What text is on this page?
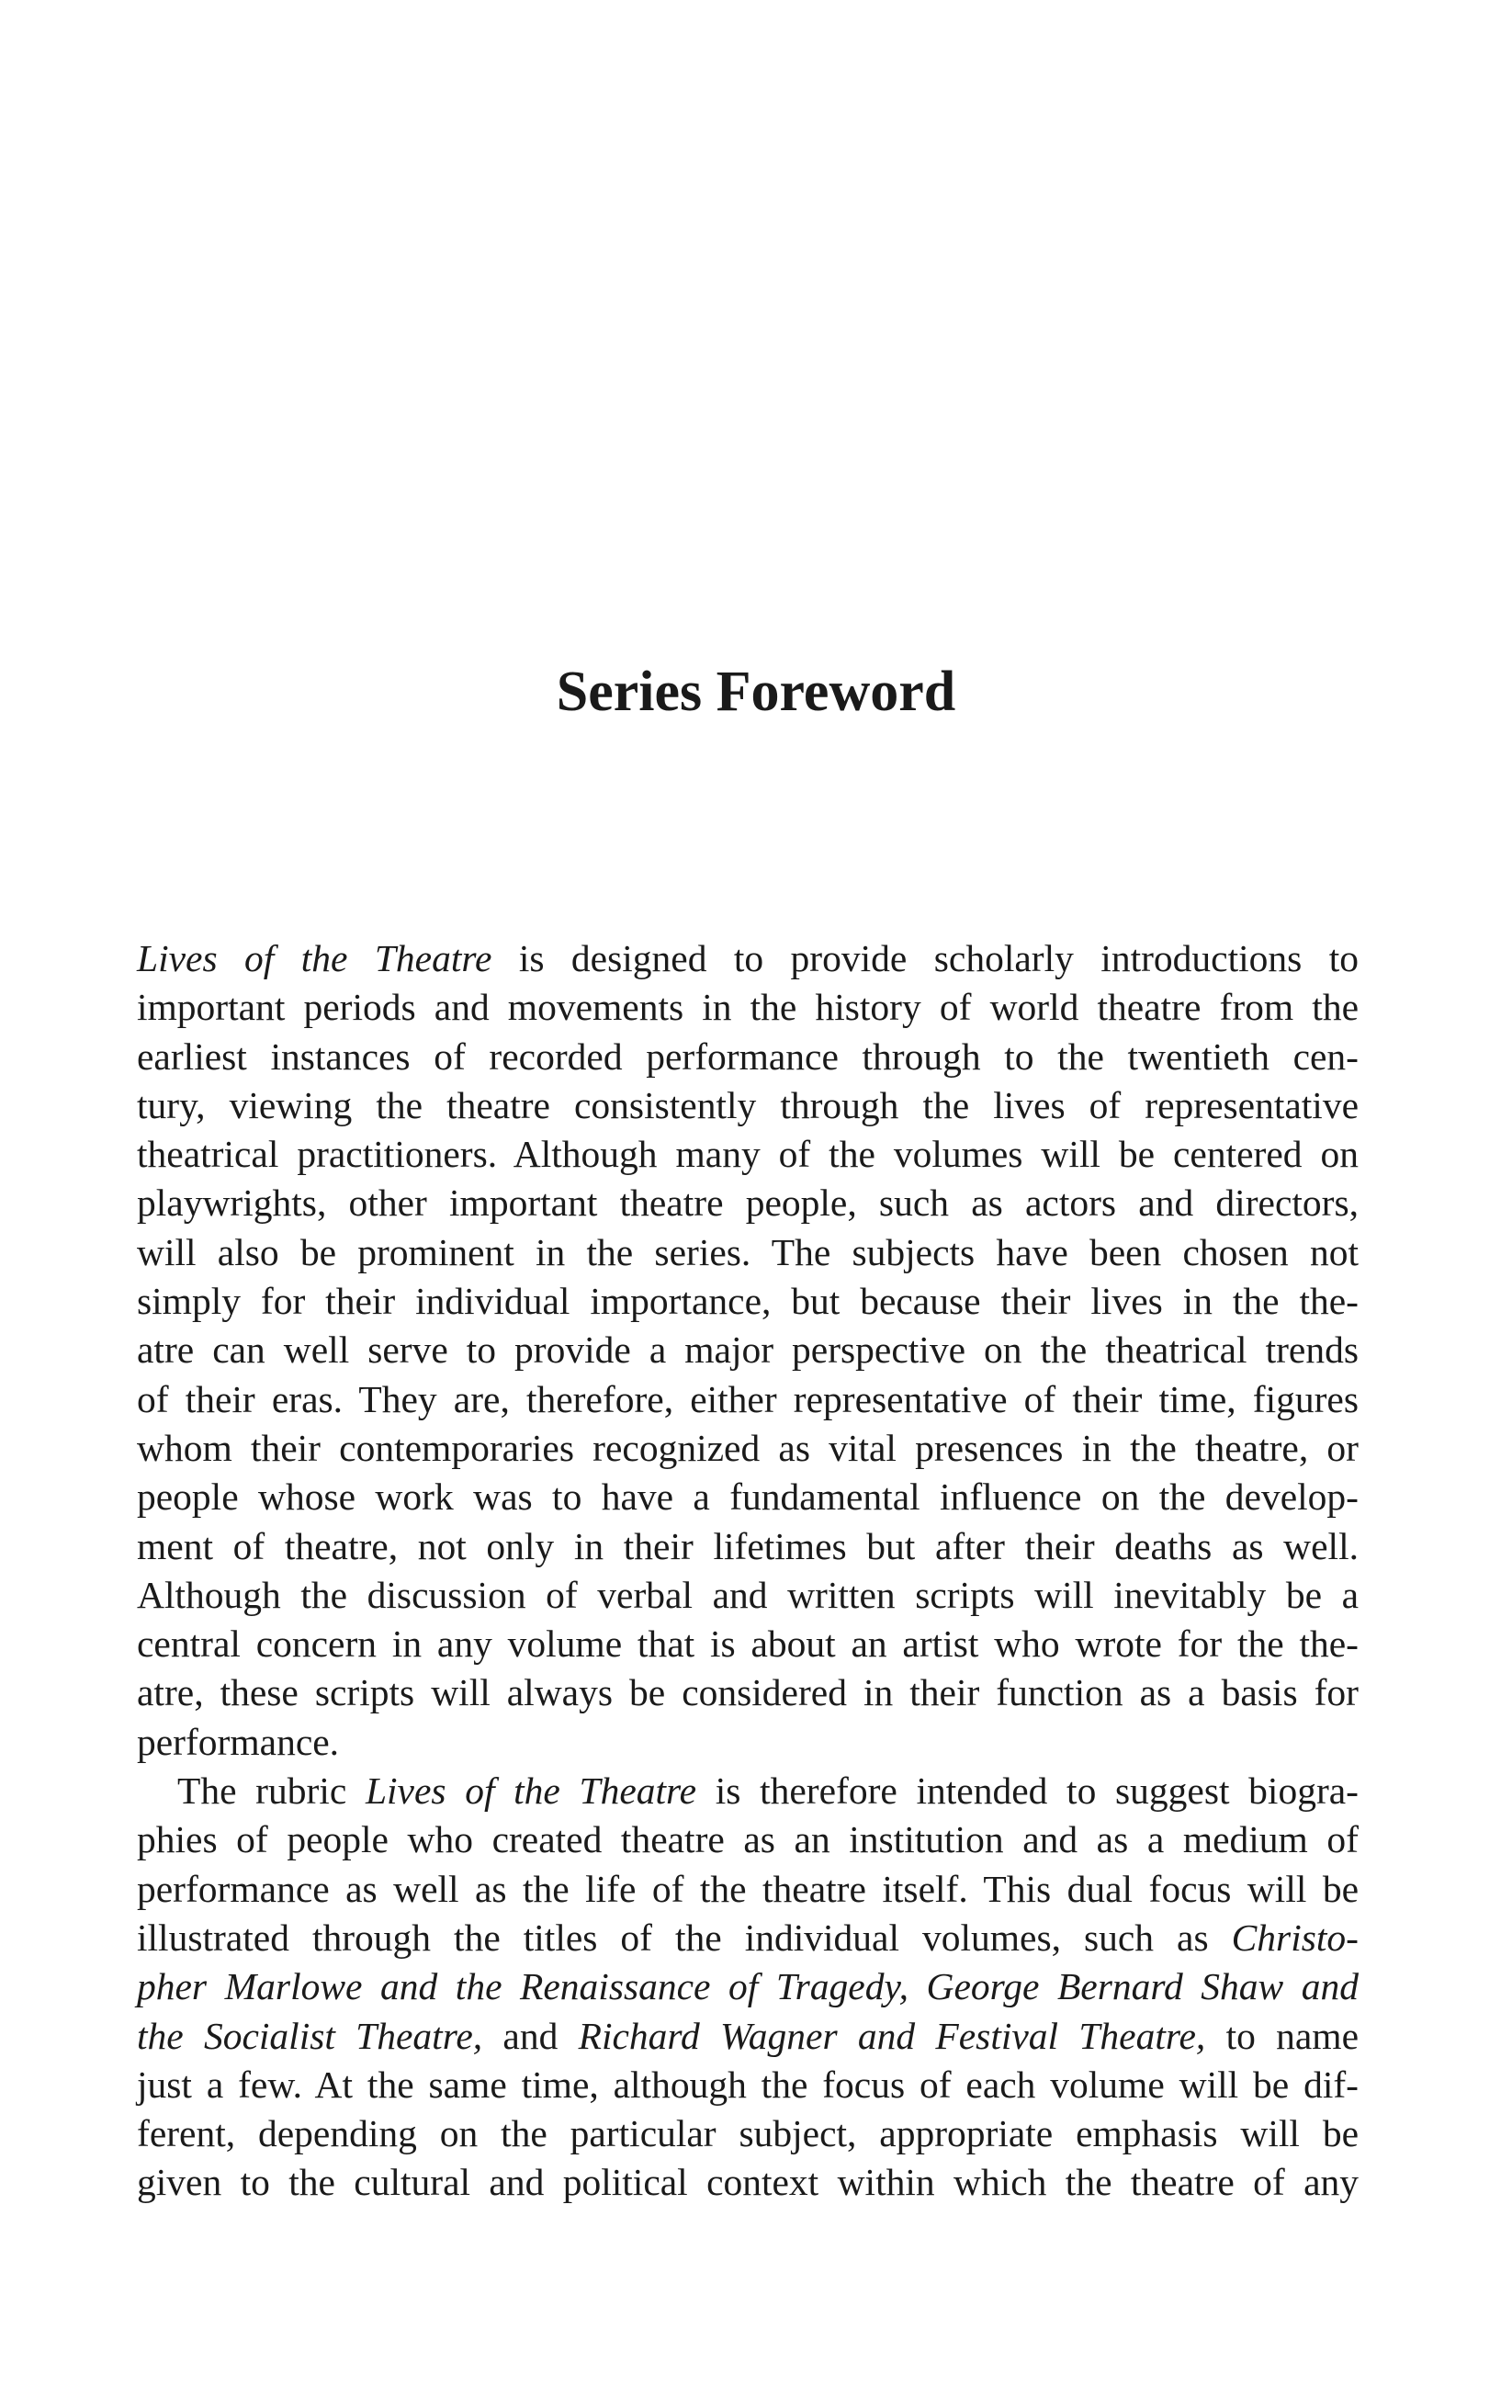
Series Foreword
Lives of the Theatre is designed to provide scholarly introductions to
important periods and movements in the history of world theatre from the
earliest instances of recorded performance through to the twentieth cen-
tury, viewing the theatre consistently through the lives of representative
theatrical practitioners. Although many of the volumes will be centered on
playwrights, other important theatre people, such as actors and directors,
will also be prominent in the series. The subjects have been chosen not
simply for their individual importance, but because their lives in the the-
atre can well serve to provide a major perspective on the theatrical trends
of their eras. They are, therefore, either representative of their time, figures
whom their contemporaries recognized as vital presences in the theatre, or
people whose work was to have a fundamental influence on the develop-
ment of theatre, not only in their lifetimes but after their deaths as well.
Although the discussion of verbal and written scripts will inevitably be a
central concern in any volume that is about an artist who wrote for the the-
atre, these scripts will always be considered in their function as a basis for
performance.
The rubric Lives of the Theatre is therefore intended to suggest biogra-
phies of people who created theatre as an institution and as a medium of
performance as well as the life of the theatre itself. This dual focus will be
illustrated through the titles of the individual volumes, such as Christo-
pher Marlowe and the Renaissance of Tragedy, George Bernard Shaw and
the Socialist Theatre, and Richard Wagner and Festival Theatre, to name
just a few. At the same time, although the focus of each volume will be dif-
ferent, depending on the particular subject, appropriate emphasis will be
given to the cultural and political context within which the theatre of any
